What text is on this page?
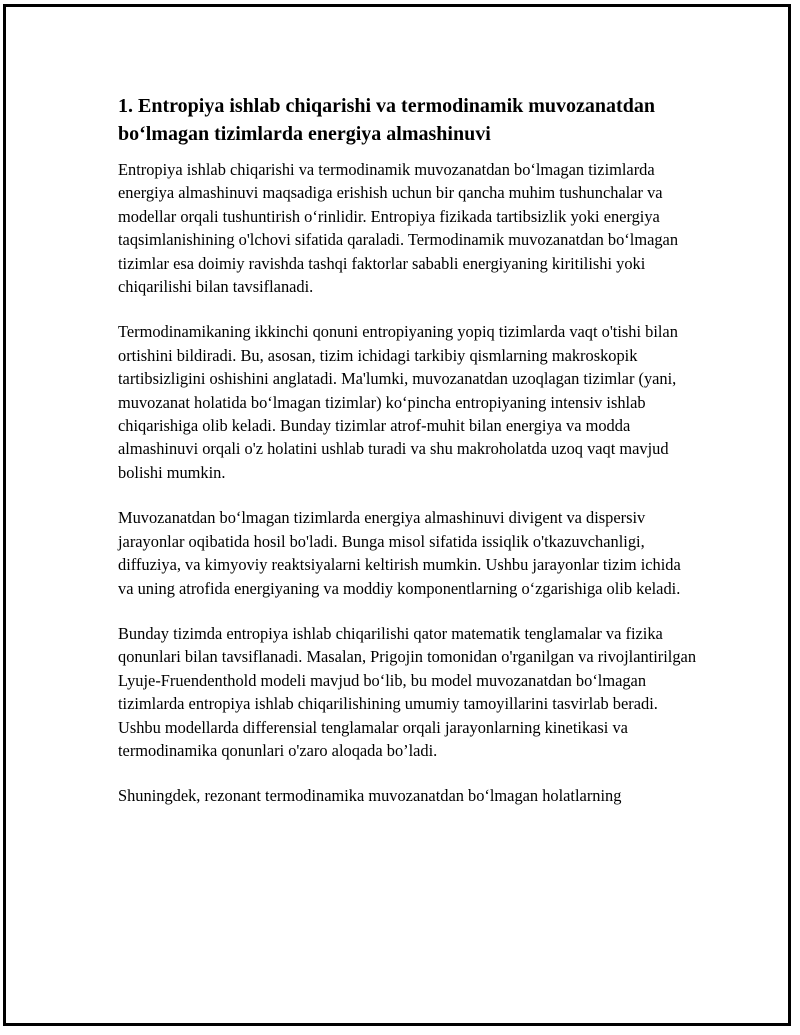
1. Entropiya ishlab chiqarishi va termodinamik muvozanatdan bo‘lmagan tizimlarda energiya almashinuvi

Entropiya ishlab chiqarishi va termodinamik muvozanatdan bo‘lmagan tizimlarda energiya almashinuvi maqsadiga erishish uchun bir qancha muhim tushunchalar va modellar orqali tushuntirish o‘rinlidir. Entropiya fizikada tartibsizlik yoki energiya taqsimlanishining o'lchovi sifatida qaraladi. Termodinamik muvozanatdan bo‘lmagan tizimlar esa doimiy ravishda tashqi faktorlar sababli energiyaning kiritilishi yoki chiqarilishi bilan tavsiflanadi.

Termodinamikaning ikkinchi qonuni entropiyaning yopiq tizimlarda vaqt o'tishi bilan ortishini bildiradi. Bu, asosan, tizim ichidagi tarkibiy qismlarning makroskopik tartibsizligini oshishini anglatadi. Ma'lumki, muvozanatdan uzoqlagan tizimlar (yani, muvozanat holatida bo‘lmagan tizimlar) ko‘pincha entropiyaning intensiv ishlab chiqarishiga olib keladi. Bunday tizimlar atrof-muhit bilan energiya va modda almashinuvi orqali o'z holatini ushlab turadi va shu makroholatda uzoq vaqt mavjud bolishi mumkin.

Muvozanatdan bo‘lmagan tizimlarda energiya almashinuvi divigent va dispersiv jarayonlar oqibatida hosil bo'ladi. Bunga misol sifatida issiqlik o'tkazuvchanligi, diffuziya, va kimyoviy reaktsiyalarni keltirish mumkin. Ushbu jarayonlar tizim ichida va uning atrofida energiyaning va moddiy komponentlarning o‘zgarishiga olib keladi.

Bunday tizimda entropiya ishlab chiqarilishi qator matematik tenglamalar va fizika qonunlari bilan tavsiflanadi. Masalan, Prigojin tomonidan o'rganilgan va rivojlantirilgan Lyuje-Fruendenthold modeli mavjud bo‘lib, bu model muvozanatdan bo‘lmagan tizimlarda entropiya ishlab chiqarilishining umumiy tamoyillarini tasvirlab beradi. Ushbu modellarda differensial tenglamalar orqali jarayonlarning kinetikasi va termodinamika qonunlari o'zaro aloqada bo’ladi.

Shuningdek, rezonant termodinamika muvozanatdan bo‘lmagan holatlarning
